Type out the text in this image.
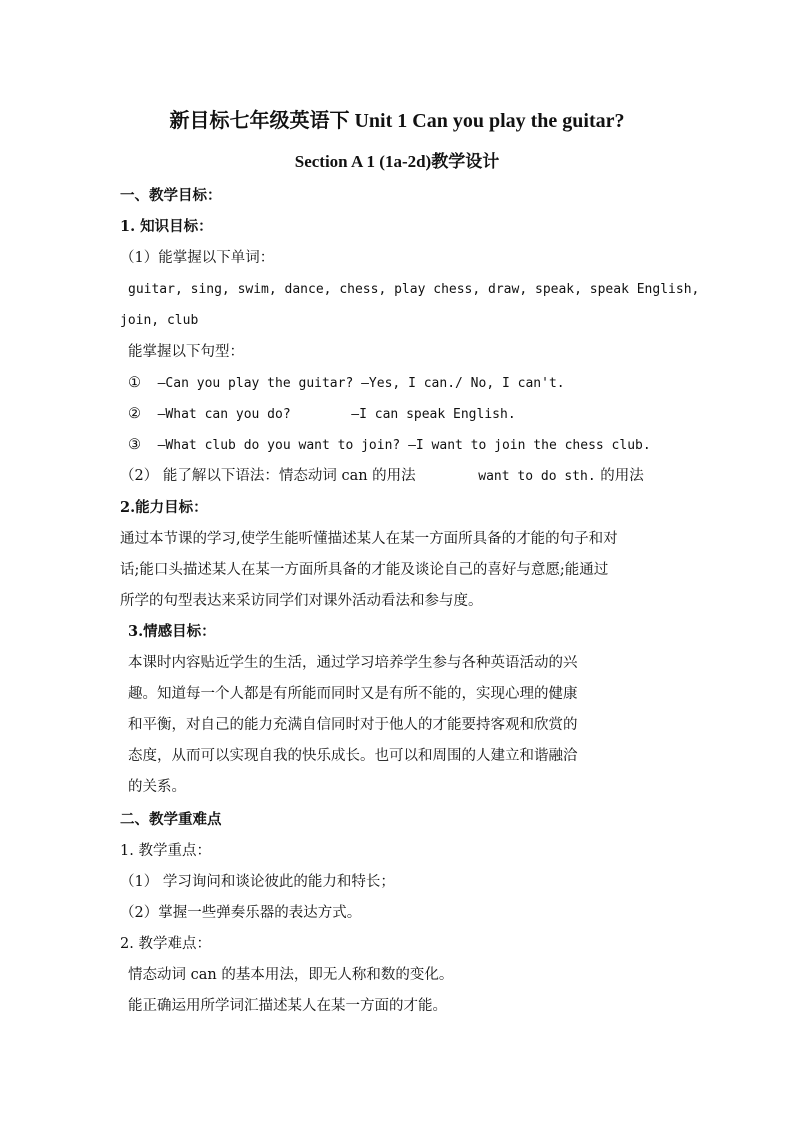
新目标七年级英语下 Unit 1 Can you play the guitar?
Section A 1 (1a-2d)教学设计
一、教学目标：
1. 知识目标：
（1）能掌握以下单词：
guitar, sing, swim, dance, chess, play chess, draw, speak, speak English,
join, club
能掌握以下句型：
① —Can you play the guitar? —Yes, I can./ No, I can't.
② —What can you do?	—I can speak English.
③ —What club do you want to join? —I want to join the chess club.
（2） 能了解以下语法：情态动词 can 的用法	want to do sth. 的用法
2.能力目标：
通过本节课的学习,使学生能听懂描述某人在某一方面所具备的才能的句子和对
话;能口头描述某人在某一方面所具备的才能及谈论自己的喜好与意愿;能通过
所学的句型表达来采访同学们对课外活动看法和参与度。
3.情感目标：
本课时内容贴近学生的生活，通过学习培养学生参与各种英语活动的兴
趣。知道每一个人都是有所能而同时又是有所不能的，实现心理的健康
和平衡，对自己的能力充满自信同时对于他人的才能要持客观和欣赏的
态度，从而可以实现自我的快乐成长。也可以和周围的人建立和谐融洽
的关系。
二、教学重难点
1. 教学重点：
（1） 学习询问和谈论彼此的能力和特长；
（2）掌握一些弹奏乐器的表达方式。
2. 教学难点：
情态动词 can 的基本用法，即无人称和数的变化。
能正确运用所学词汇描述某人在某一方面的才能。
